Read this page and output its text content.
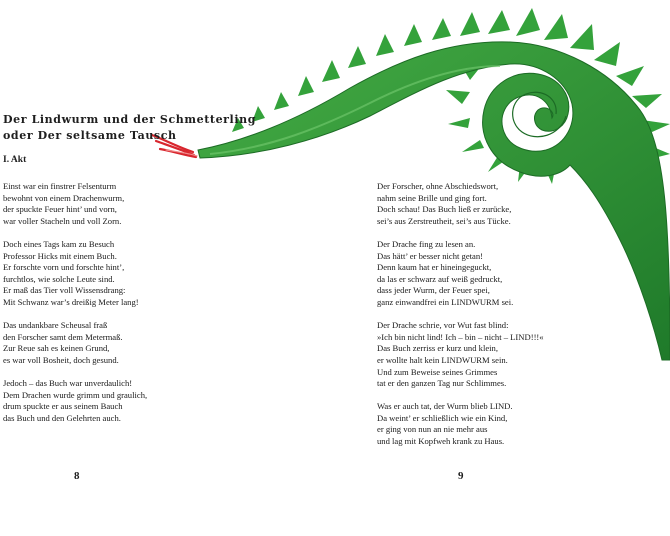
Der Lindwurm und der Schmetterling
oder Der seltsame Tausch
I. Akt

Einst war ein finstrer Felsenturm
bewohnt von einem Drachenwurm,
der spuckte Feuer hint’ und vorn,
war voller Stacheln und voll Zorn.

Doch eines Tags kam zu Besuch
Professor Hicks mit einem Buch.
Er forschte vorn und forschte hint’,
furchtlos, wie solche Leute sind.
Er maß das Tier voll Wissensdrang:
Mit Schwanz war’s dreißig Meter lang!

Das undankbare Scheusal fraß
den Forscher samt dem Metermaß.
Zur Reue sah es keinen Grund,
es war voll Bosheit, doch gesund.

Jedoch – das Buch war unverdaulich!
Dem Drachen wurde grimm und graulich,
drum spuckte er aus seinem Bauch
das Buch und den Gelehrten auch.

Der Forscher, ohne Abschiedswort,
nahm seine Brille und ging fort.
Doch schau! Das Buch ließ er zurücke,
sei’s aus Zerstreutheit, sei’s aus Tücke.

Der Drache fing zu lesen an.
Das hätt’ er besser nicht getan!
Denn kaum hat er hineingeguckt,
da las er schwarz auf weiß gedruckt,
dass jeder Wurm, der Feuer spei,
ganz einwandfrei ein LINDWURM sei.

Der Drache schrie, vor Wut fast blind:
»Ich bin nicht lind! Ich – bin – nicht – LIND!!!«
Das Buch zerriss er kurz und klein,
er wollte halt kein LINDWURM sein.
Und zum Beweise seines Grimmes
tat er den ganzen Tag nur Schlimmes.

Was er auch tat, der Wurm blieb LIND.
Da weint’ er schließlich wie ein Kind,
er ging von nun an nie mehr aus
und lag mit Kopfweh krank zu Haus.

8	9
